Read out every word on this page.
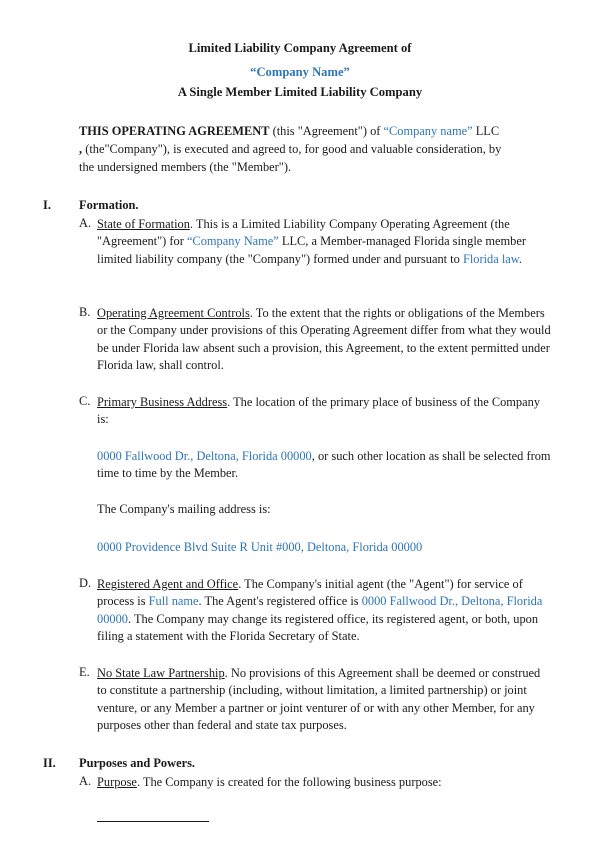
Limited Liability Company Agreement of
“Company Name”
A Single Member Limited Liability Company
THIS OPERATING AGREEMENT (this "Agreement") of “Company name” LLC
, (the"Company"), is executed and agreed to, for good and valuable consideration, by the undersigned members (the "Member").
I. Formation.
A. State of Formation. This is a Limited Liability Company Operating Agreement (the "Agreement") for “Company Name” LLC, a Member-managed Florida single member limited liability company (the "Company") formed under and pursuant to Florida law.
B. Operating Agreement Controls. To the extent that the rights or obligations of the Members or the Company under provisions of this Operating Agreement differ from what they would be under Florida law absent such a provision, this Agreement, to the extent permitted under Florida law, shall control.
C. Primary Business Address. The location of the primary place of business of the Company is:
0000 Fallwood Dr., Deltona, Florida 00000, or such other location as shall be selected from time to time by the Member.
The Company's mailing address is:
0000 Providence Blvd Suite R Unit #000, Deltona, Florida 00000
D. Registered Agent and Office. The Company's initial agent (the "Agent") for service of process is Full name. The Agent's registered office is 0000 Fallwood Dr., Deltona, Florida 00000. The Company may change its registered office, its registered agent, or both, upon filing a statement with the Florida Secretary of State.
E. No State Law Partnership. No provisions of this Agreement shall be deemed or construed to constitute a partnership (including, without limitation, a limited partnership) or joint venture, or any Member a partner or joint venturer of or with any other Member, for any purposes other than federal and state tax purposes.
II. Purposes and Powers.
A. Purpose. The Company is created for the following business purpose:
